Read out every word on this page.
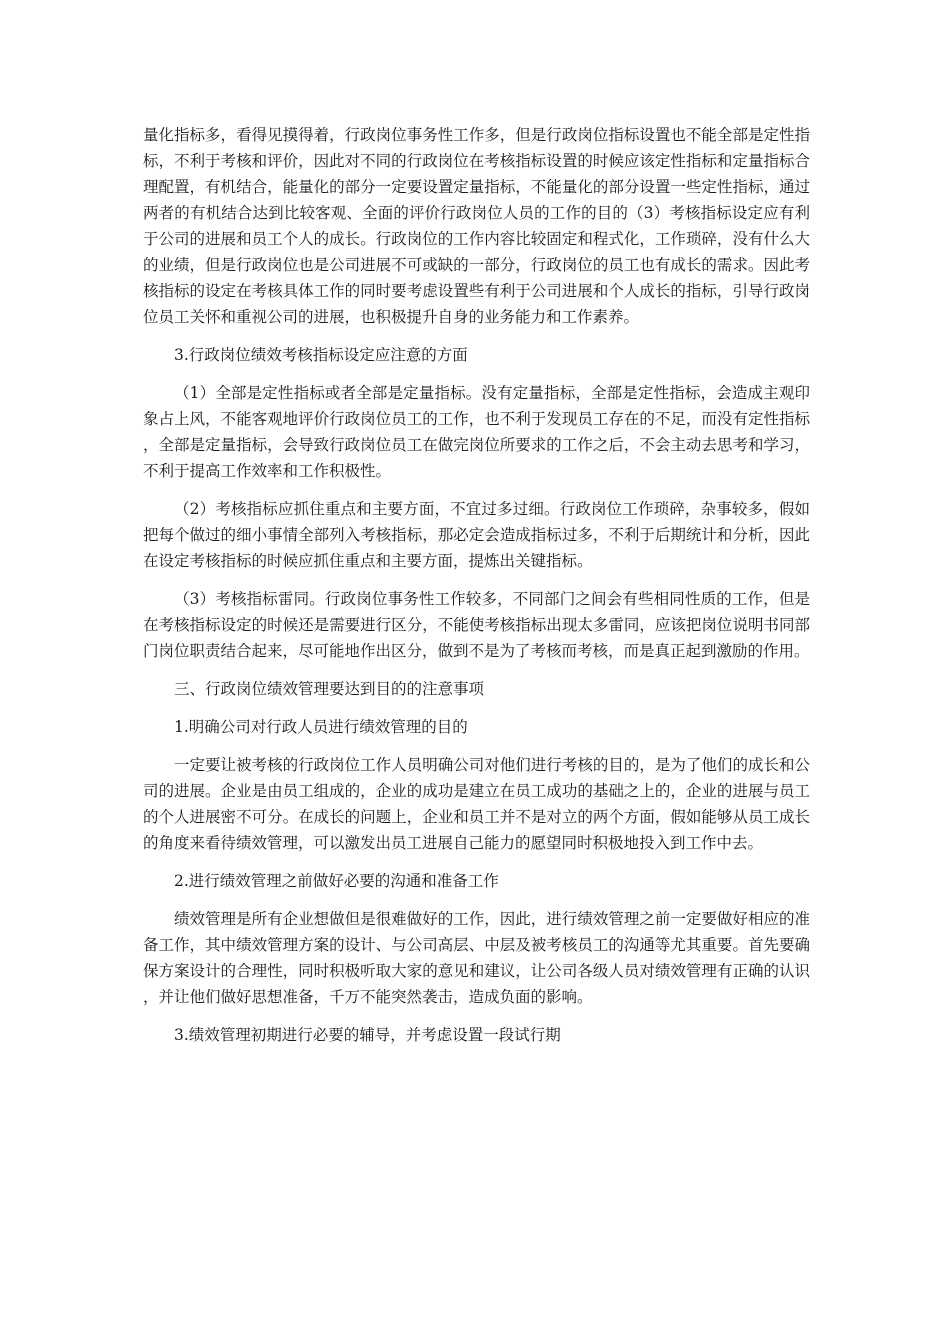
量化指标多，看得见摸得着，行政岗位事务性工作多，但是行政岗位指标设置也不能全部是定性指标，不利于考核和评价，因此对不同的行政岗位在考核指标设置的时候应该定性指标和定量指标合理配置，有机结合，能量化的部分一定要设置定量指标，不能量化的部分设置一些定性指标，通过两者的有机结合达到比较客观、全面的评价行政岗位人员的工作的目的（3）考核指标设定应有利于公司的进展和员工个人的成长。行政岗位的工作内容比较固定和程式化，工作琐碎，没有什么大的业绩，但是行政岗位也是公司进展不可或缺的一部分，行政岗位的员工也有成长的需求。因此考核指标的设定在考核具体工作的同时要考虑设置些有利于公司进展和个人成长的指标，引导行政岗位员工关怀和重视公司的进展，也积极提升自身的业务能力和工作素养。

3.行政岗位绩效考核指标设定应注意的方面

（1）全部是定性指标或者全部是定量指标。没有定量指标，全部是定性指标，会造成主观印象占上风，不能客观地评价行政岗位员工的工作，也不利于发现员工存在的不足，而没有定性指标，全部是定量指标，会导致行政岗位员工在做完岗位所要求的工作之后，不会主动去思考和学习，不利于提高工作效率和工作积极性。

（2）考核指标应抓住重点和主要方面，不宜过多过细。行政岗位工作琐碎，杂事较多，假如把每个做过的细小事情全部列入考核指标，那必定会造成指标过多，不利于后期统计和分析，因此在设定考核指标的时候应抓住重点和主要方面，提炼出关键指标。

（3）考核指标雷同。行政岗位事务性工作较多，不同部门之间会有些相同性质的工作，但是在考核指标设定的时候还是需要进行区分，不能使考核指标出现太多雷同，应该把岗位说明书同部门岗位职责结合起来，尽可能地作出区分，做到不是为了考核而考核，而是真正起到激励的作用。

三、行政岗位绩效管理要达到目的的注意事项

1.明确公司对行政人员进行绩效管理的目的

一定要让被考核的行政岗位工作人员明确公司对他们进行考核的目的，是为了他们的成长和公司的进展。企业是由员工组成的，企业的成功是建立在员工成功的基础之上的，企业的进展与员工的个人进展密不可分。在成长的问题上，企业和员工并不是对立的两个方面，假如能够从员工成长的角度来看待绩效管理，可以激发出员工进展自己能力的愿望同时积极地投入到工作中去。

2.进行绩效管理之前做好必要的沟通和准备工作

绩效管理是所有企业想做但是很难做好的工作，因此，进行绩效管理之前一定要做好相应的准备工作，其中绩效管理方案的设计、与公司高层、中层及被考核员工的沟通等尤其重要。首先要确保方案设计的合理性，同时积极听取大家的意见和建议，让公司各级人员对绩效管理有正确的认识，并让他们做好思想准备，千万不能突然袭击，造成负面的影响。

3.绩效管理初期进行必要的辅导，并考虑设置一段试行期
